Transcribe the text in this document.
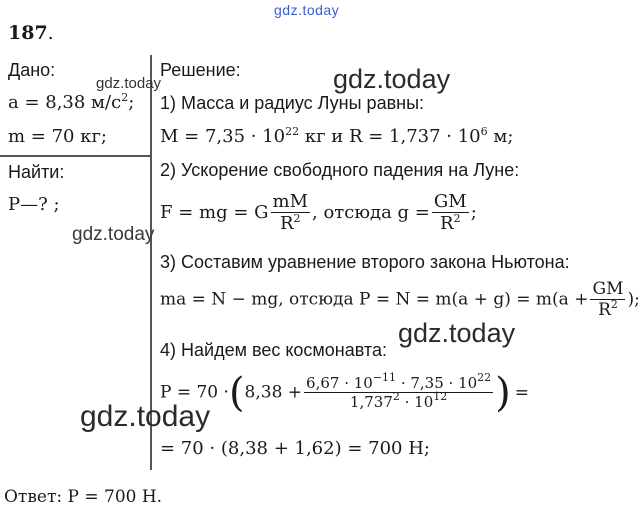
gdz.today
187.
Дано:
a = 8,38 $м/c^2$;
m = 70 кг;
Найти:
P—? ;
Решение:
1) Масса и радиус Луны равны:
$M = 7,35 \cdot 10^{22}$ кг и $R = 1,737 \cdot 10^6$ м;
2) Ускорение свободного падения на Луне:
F = mg = G $\frac{mM}{R^2}$ , отсюда $g = \frac{GM}{R^2}$ ;
3) Составим уравнение второго закона Ньютона:
ma = N − mg, отсюда $P = N = m(a + g) = m(a + \frac{GM}{R^2}$ );
4) Найдем вес космонавта:
$P = 70 \cdot(8,38 + \frac{6,67 \cdot 10^{-11} \cdot 7,35 \cdot 10^{22}}{1,737^2 \cdot 10^{12}}$ ) =
= 70 · (8,38 + 1,62) = 700 Н;
Ответ: P = 700 Н.
gdz.today	gdz.today
gdz.today
gdz.today
gdz.today
